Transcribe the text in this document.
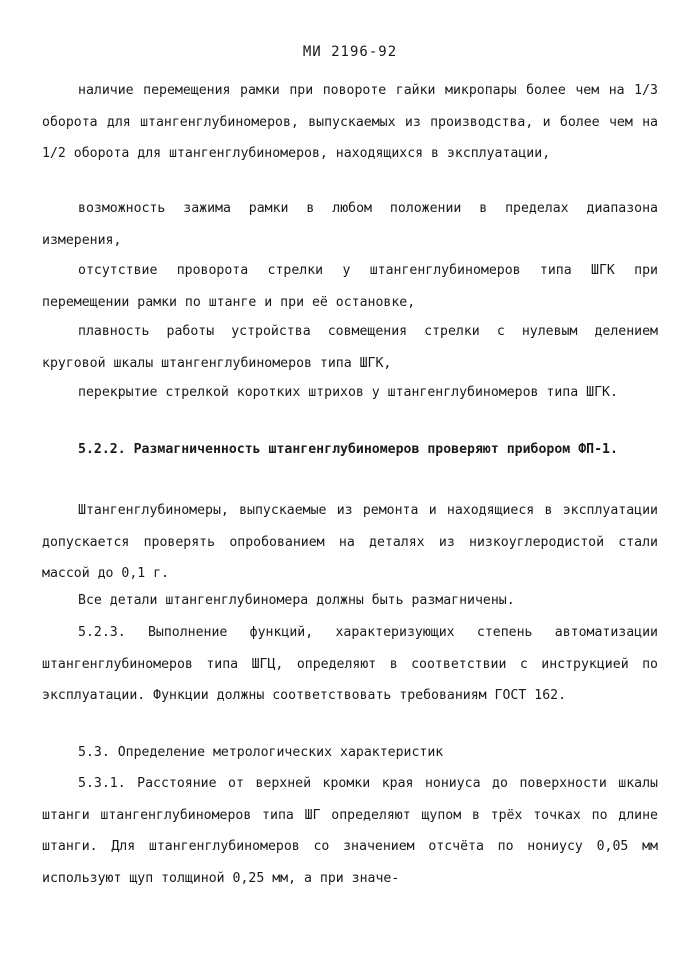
МИ 2196-92
наличие перемещения рамки при повороте гайки микропары более чем на 1/3 оборота для штангенглубиномеров, выпускаемых из производства, и более чем на 1/2 оборота для штангенглубиномеров, находящихся в эксплуатации,
возможность зажима рамки в любом положении в пределах диапазона измерения,
отсутствие проворота стрелки у штангенглубиномеров типа ШГК при перемещении рамки по штанге и при её остановке,
плавность работы устройства совмещения стрелки с нулевым делением круговой шкалы штангенглубиномеров типа ШГК,
перекрытие стрелкой коротких штрихов у штангенглубиномеров типа ШГК.
5.2.2. Размагниченность штангенглубиномеров проверяют прибором ФП-1.
Штангенглубиномеры, выпускаемые из ремонта и находящиеся в эксплуатации допускается проверять опробованием на деталях из низкоуглеродистой стали массой до 0,1 г.
Все детали штангенглубиномера должны быть размагничены.
5.2.3. Выполнение функций, характеризующих степень автоматизации штангенглубиномеров типа ШГЦ, определяют в соответствии с инструкцией по эксплуатации. Функции должны соответствовать требованиям ГОСТ 162.
5.3. Определение метрологических характеристик
5.3.1. Расстояние от верхней кромки края нониуса до поверхности шкалы штанги штангенглубиномеров типа ШГ определяют щупом в трёх точках по длине штанги. Для штангенглубиномеров со значением отсчёта по нониусу 0,05 мм используют щуп толщиной 0,25 мм, а при значе-
